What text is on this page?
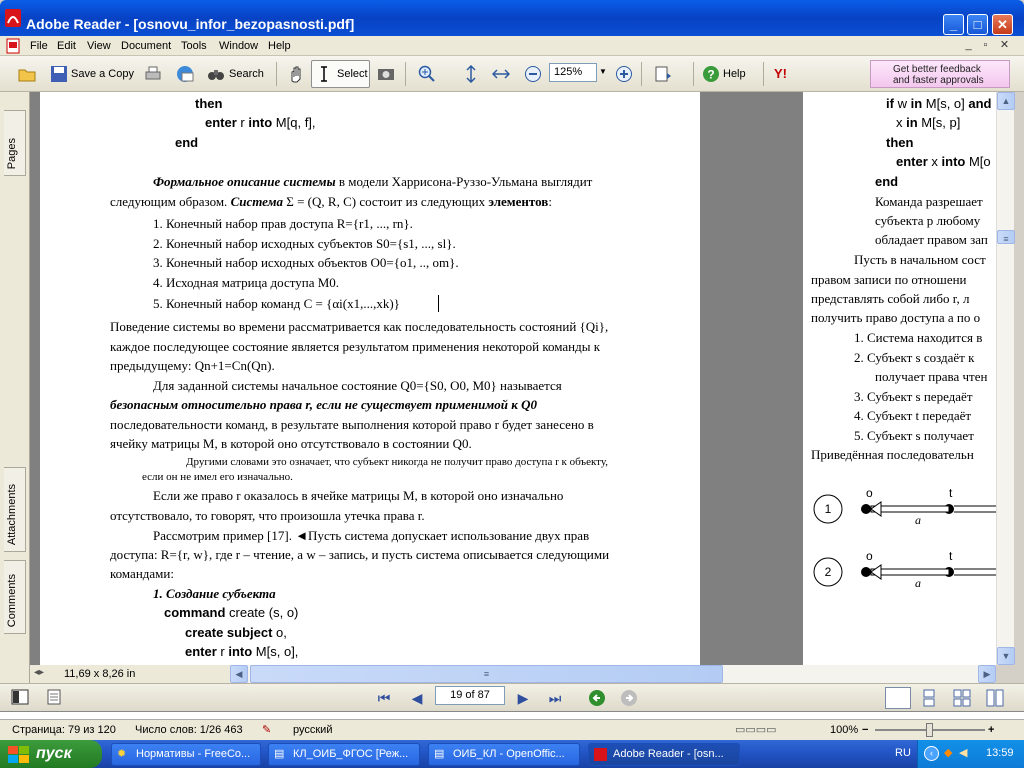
Adobe Reader - [osnovu_infor_bezopasnosti.pdf]	_	□	✕
File Edit View Document Tools Window Help	_	▫	✕
Save a Copy	Search	Select	? Help Y!
125%	▼	Get better feedback
and faster approvals
Pages
Attachments
Comments
then
enter r into M[q, f],
end
Формальное описание системы в модели Харрисона-Руззо-Ульмана выглядит
следующим образом. Система Σ = (Q, R, C) состоит из следующих элементов:
1. Конечный набор прав доступа R={r1, ..., rn}.
2. Конечный набор исходных субъектов S0={s1, ..., sl}.
3. Конечный набор исходных объектов O0={o1, .., om}.
4. Исходная матрица доступа M0.
5. Конечный набор команд C = {αi(x1,...,xk)}
Поведение системы во времени рассматривается как последовательность состояний {Qi},
каждое последующее состояние является результатом применения некоторой команды к
предыдущему: Qn+1=Cn(Qn).
Для заданной системы начальное состояние Q0={S0, O0, M0} называется
безопасным относительно права r, если не существует применимой к Q0
последовательности команд, в результате выполнения которой право r будет занесено в
ячейку матрицы M, в которой оно отсутствовало в состоянии Q0.
Другими словами это означает, что субъект никогда не получит право доступа r к объекту,
если он не имел его изначально.
Если же право r оказалось в ячейке матрицы M, в которой оно изначально
отсутствовало, то говорят, что произошла утечка права r.
Рассмотрим пример [17]. ◄Пусть система допускает использование двух прав
доступа: R={r, w}, где r – чтение, а w – запись, и пусть система описывается следующими
командами:
1. Создание субъекта
command create (s, o)
create subject o,
enter r into M[s, o],
if w in M[s, o] and
x in M[s, p]
then
enter x into M[o
end
Команда разрешает
субъекта p любому
обладает правом зап
Пусть в начальном сост
правом записи по отношени
представлять собой либо r, л
получить право доступа a по о
1. Система находится в
2. Субъект s создаёт к
получает права чтен
3. Субъект s передаёт
4. Субъект t передаёт
5. Субъект s получает
Приведённая последовательн
1
o	t
a
2
o	t
a
▲
≡
▼
◂▸	11,69 x 8,26 in	◀	≡	▶
⏮	◀	▶	⏭
19 of 87
Страница: 79 из 120 Число слов: 1/26 463 ✎ русский	▭▭▭▭	100% −	+
пуск	✹ Нормативы - FreeCo...	▤ КЛ_ОИБ_ФГОС [Реж...	▤ ОИБ_КЛ - OpenOffic...	Adobe Reader - [osn...	RU	‹	◆ ◀ 13:59
